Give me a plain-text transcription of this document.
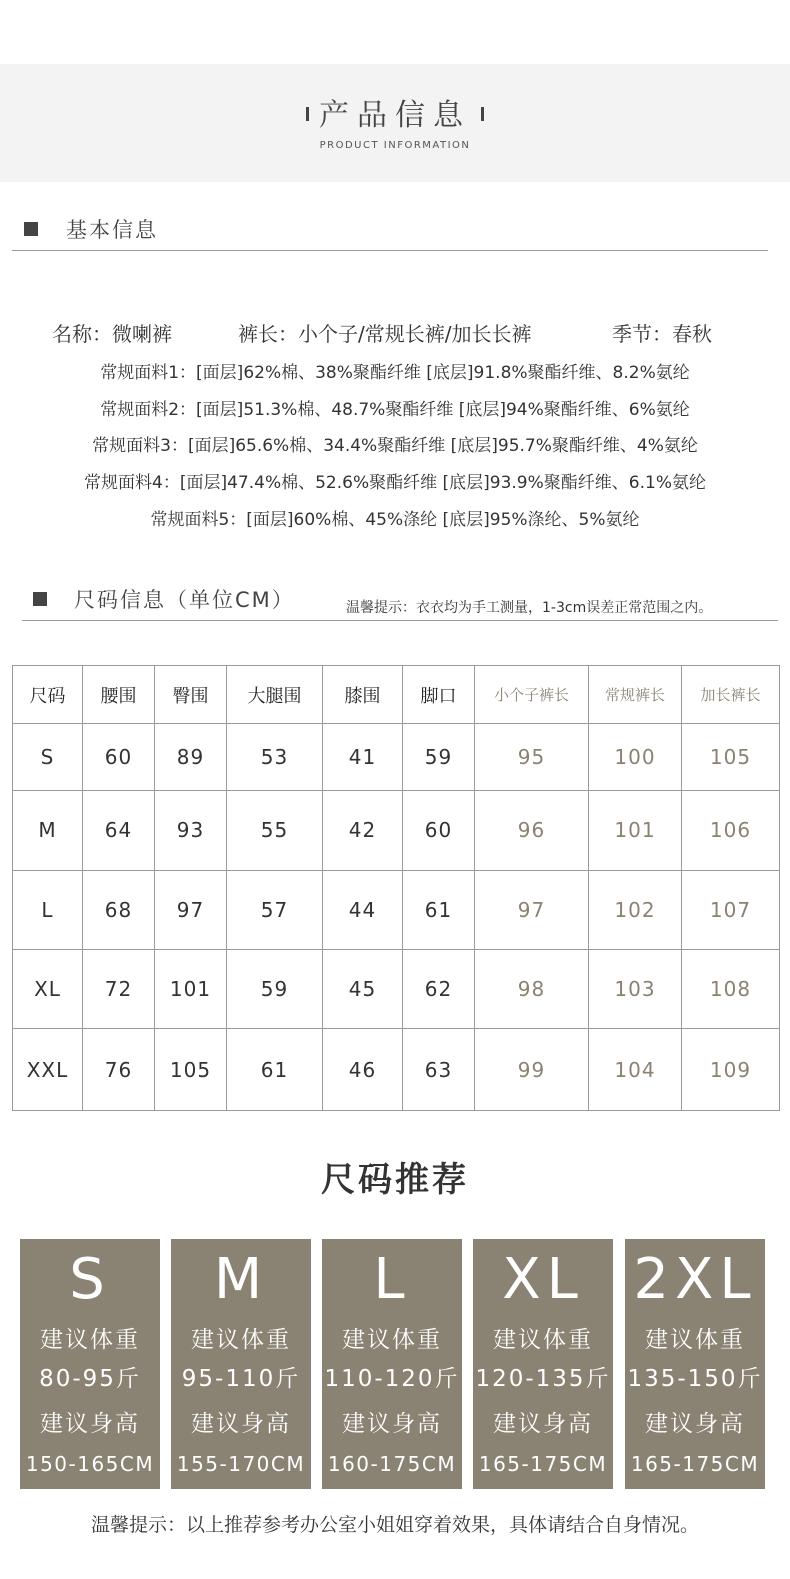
产品信息
PRODUCT INFORMATION
基本信息
名称：微喇裤	裤长：小个子/常规长裤/加长长裤	季节：春秋
常规面料1：[面层]62%棉、38%聚酯纤维 [底层]91.8%聚酯纤维、8.2%氨纶
常规面料2：[面层]51.3%棉、48.7%聚酯纤维 [底层]94%聚酯纤维、6%氨纶
常规面料3：[面层]65.6%棉、34.4%聚酯纤维 [底层]95.7%聚酯纤维、4%氨纶
常规面料4：[面层]47.4%棉、52.6%聚酯纤维 [底层]93.9%聚酯纤维、6.1%氨纶
常规面料5：[面层]60%棉、45%涤纶 [底层]95%涤纶、5%氨纶
尺码信息（单位CM）	温馨提示：衣衣均为手工测量，1-3cm误差正常范围之内。
尺码	腰围	臀围	大腿围	膝围	脚口	小个子裤长	常规裤长	加长裤长
S	60	89	53	41	59	95	100	105
M	64	93	55	42	60	96	101	106
L	68	97	57	44	61	97	102	107
XL	72	101	59	45	62	98	103	108
XXL	76	105	61	46	63	99	104	109
尺码推荐
S
建议体重
80-95斤
建议身高
150-165CM
M
建议体重
95-110斤
建议身高
155-170CM
L
建议体重
110-120斤
建议身高
160-175CM
XL
建议体重
120-135斤
建议身高
165-175CM
2XL
建议体重
135-150斤
建议身高
165-175CM
温馨提示：以上推荐参考办公室小姐姐穿着效果，具体请结合自身情况。
